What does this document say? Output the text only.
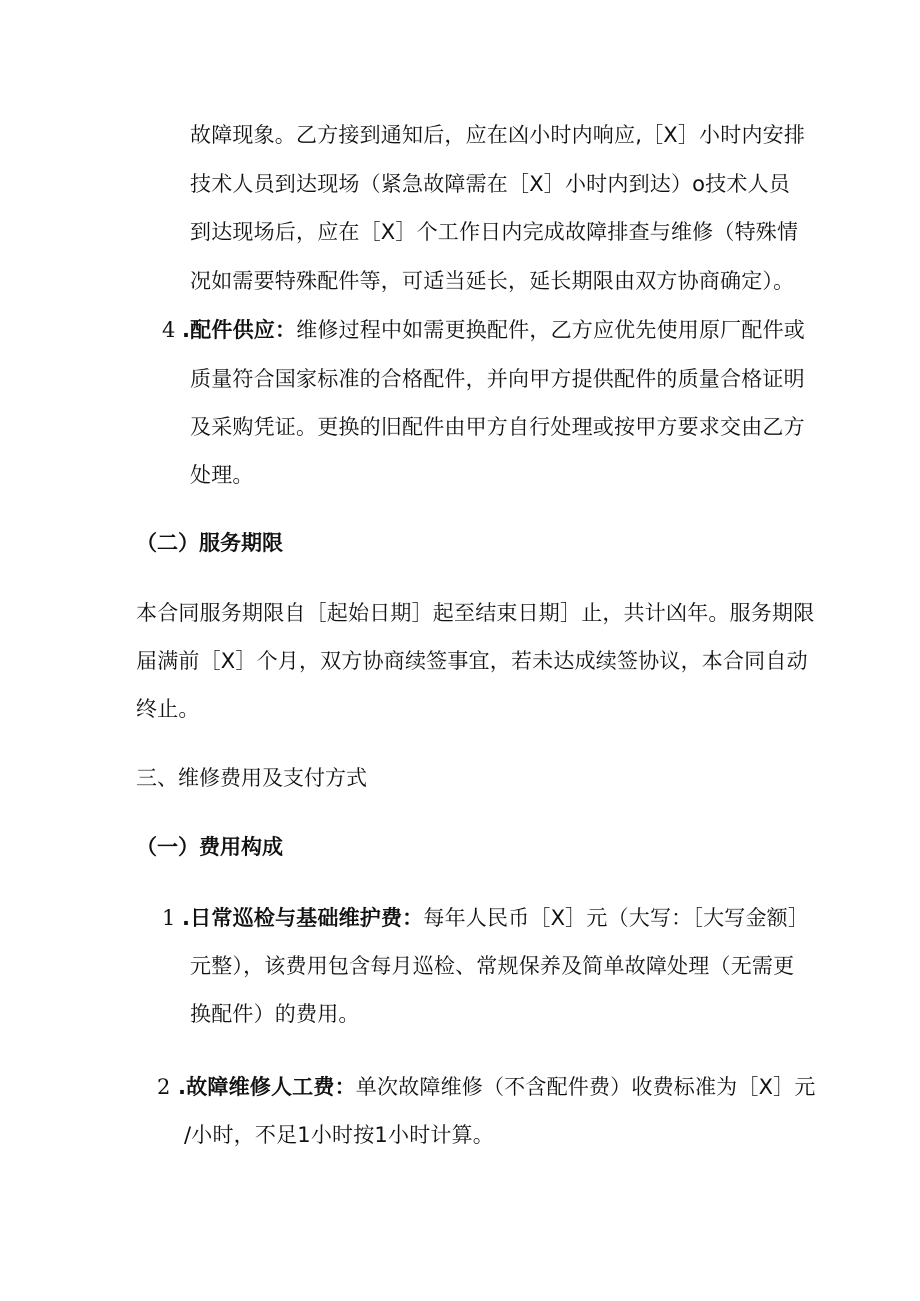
故障现象。乙方接到通知后，应在凶小时内响应,［X］小时内安排
技术人员到达现场（紧急故障需在［X］小时内到达）o技术人员
到达现场后，应在［X］个工作日内完成故障排查与维修（特殊情
况如需要特殊配件等，可适当延长，延长期限由双方协商确定）。
4 .配件供应：维修过程中如需更换配件，乙方应优先使用原厂配件或
质量符合国家标准的合格配件，并向甲方提供配件的质量合格证明
及采购凭证。更换的旧配件由甲方自行处理或按甲方要求交由乙方
处理。
（二）服务期限
本合同服务期限自［起始日期］起至结束日期］止，共计凶年。服务期限
届满前［X］个月，双方协商续签事宜，若未达成续签协议，本合同自动
终止。
三、维修费用及支付方式
（一）费用构成
1 .日常巡检与基础维护费：每年人民币［X］元（大写：［大写金额］
元整），该费用包含每月巡检、常规保养及简单故障处理（无需更
换配件）的费用。
2 .故障维修人工费：单次故障维修（不含配件费）收费标准为［X］元
/小时，不足1小时按1小时计算。
